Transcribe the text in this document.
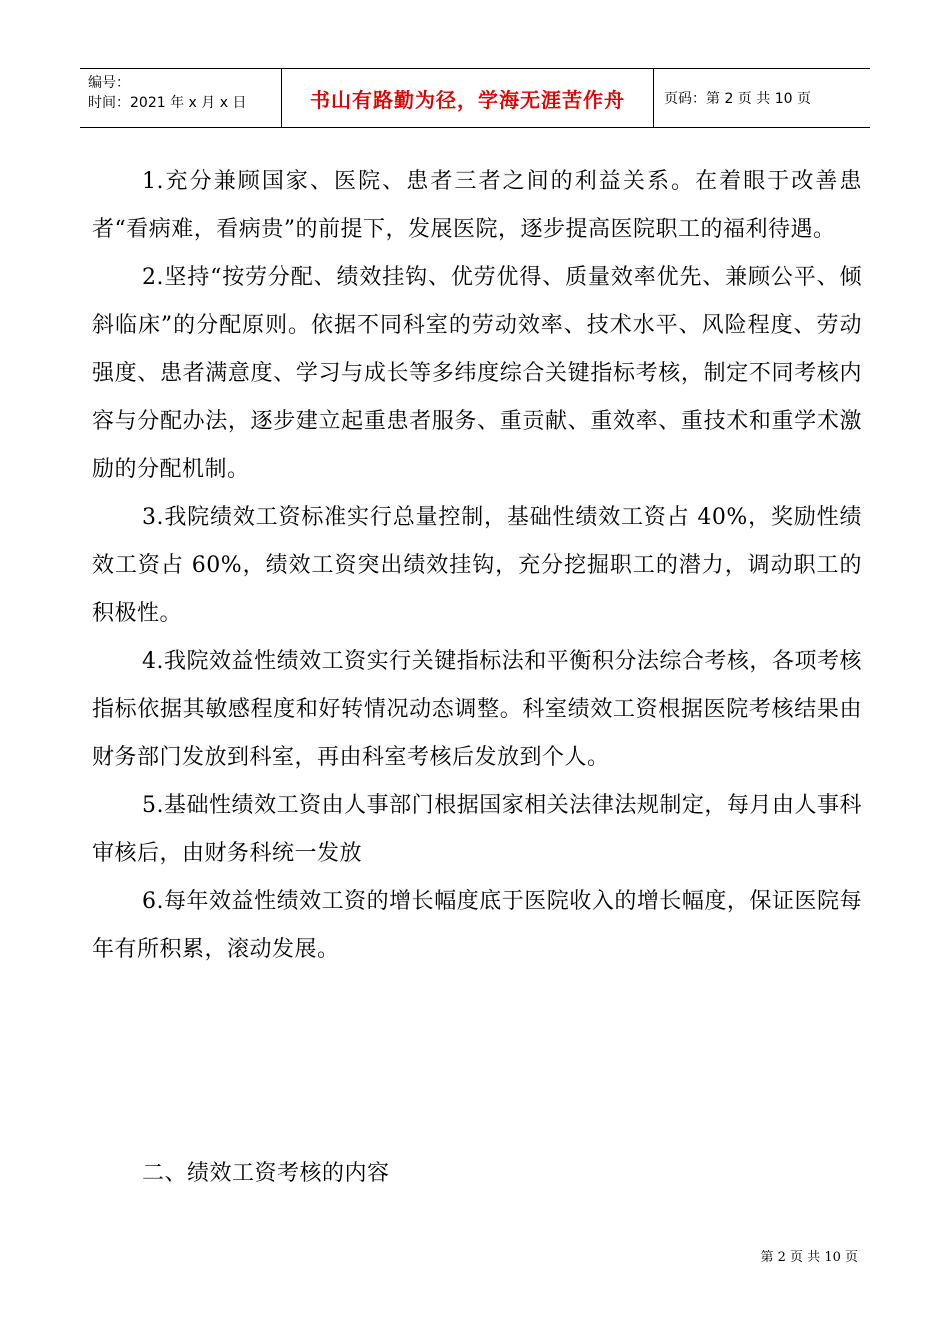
编号：
时间：2021 年 x 月 x 日	书山有路勤为径，学海无涯苦作舟	页码：第 2 页 共 10 页

1.充分兼顾国家、医院、患者三者之间的利益关系。在着眼于改善患者“看病难，看病贵”的前提下，发展医院，逐步提高医院职工的福利待遇。

2.坚持“按劳分配、绩效挂钩、优劳优得、质量效率优先、兼顾公平、倾斜临床”的分配原则。依据不同科室的劳动效率、技术水平、风险程度、劳动强度、患者满意度、学习与成长等多纬度综合关键指标考核，制定不同考核内容与分配办法，逐步建立起重患者服务、重贡献、重效率、重技术和重学术激励的分配机制。

3.我院绩效工资标准实行总量控制，基础性绩效工资占 40%，奖励性绩效工资占 60%，绩效工资突出绩效挂钩，充分挖掘职工的潜力，调动职工的积极性。

4.我院效益性绩效工资实行关键指标法和平衡积分法综合考核，各项考核指标依据其敏感程度和好转情况动态调整。科室绩效工资根据医院考核结果由财务部门发放到科室，再由科室考核后发放到个人。

5.基础性绩效工资由人事部门根据国家相关法律法规制定，每月由人事科审核后，由财务科统一发放

6.每年效益性绩效工资的增长幅度底于医院收入的增长幅度，保证医院每年有所积累，滚动发展。

二、绩效工资考核的内容
第 2 页 共 10 页
